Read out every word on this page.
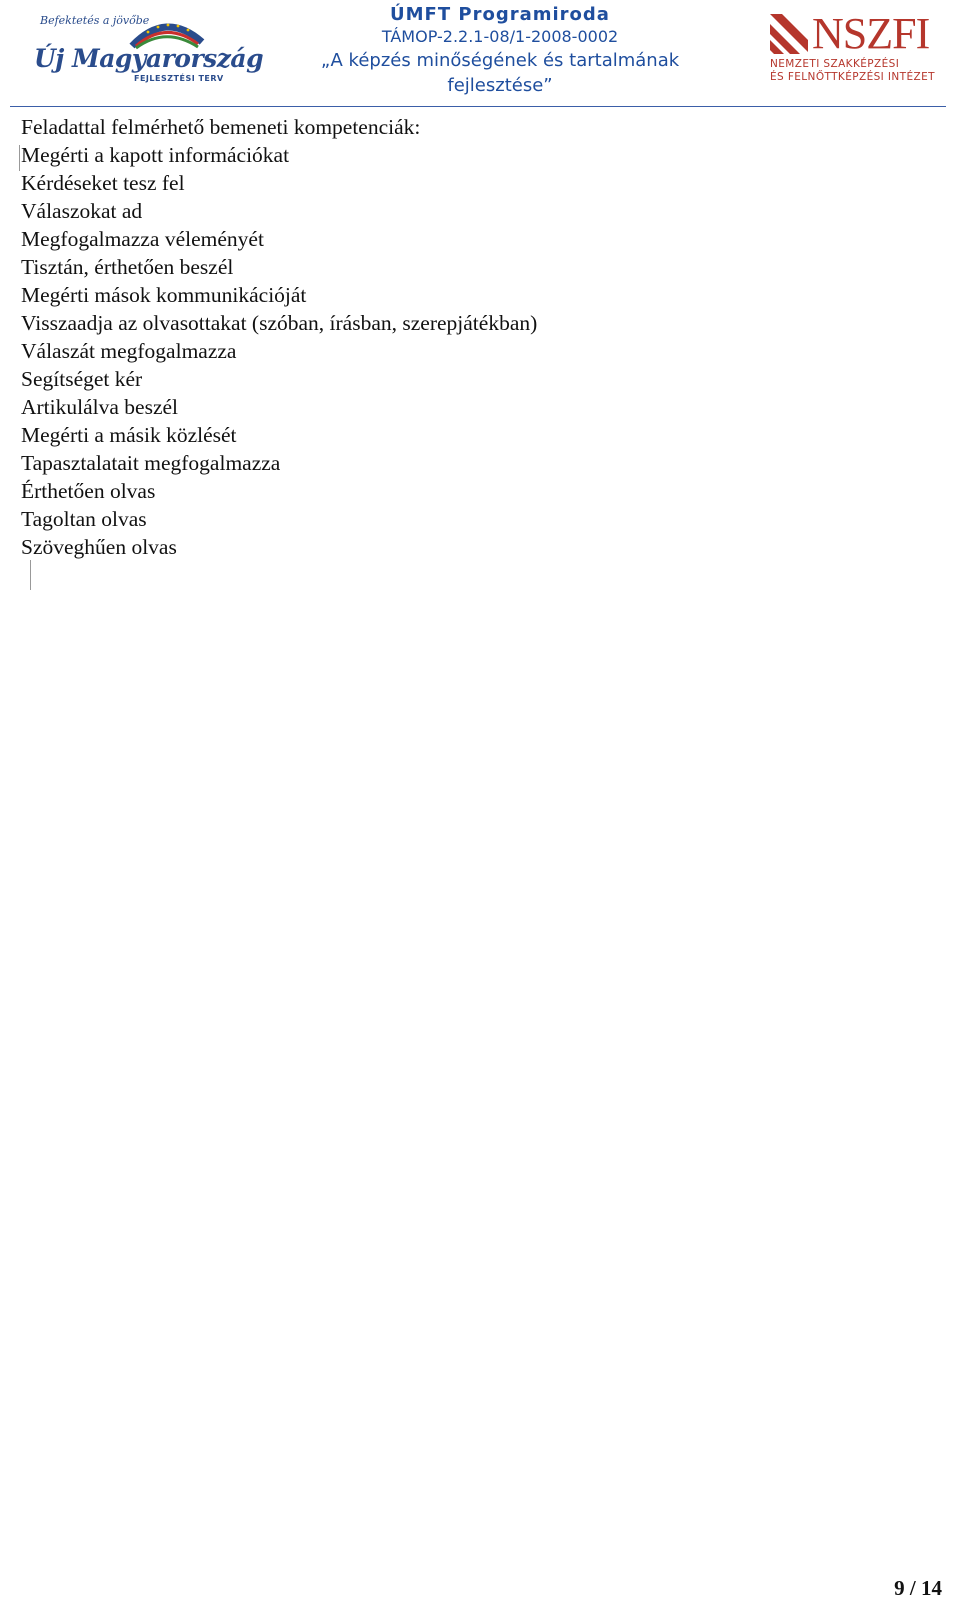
Befektetés a jövőbe
Új Magyarország
FEJLESZTÉSI TERV
ÚMFT Programiroda
TÁMOP-2.2.1-08/1-2008-0002
„A képzés minőségének és tartalmának
fejlesztése”
NSZFI
NEMZETI SZAKKÉPZÉSI
ÉS FELNŐTTKÉPZÉSI INTÉZET
Feladattal felmérhető bemeneti kompetenciák:
Megérti a kapott információkat
Kérdéseket tesz fel
Válaszokat ad
Megfogalmazza véleményét
Tisztán, érthetően beszél
Megérti mások kommunikációját
Visszaadja az olvasottakat (szóban, írásban, szerepjátékban)
Válaszát megfogalmazza
Segítséget kér
Artikulálva beszél
Megérti a másik közlését
Tapasztalatait megfogalmazza
Érthetően olvas
Tagoltan olvas
Szöveghűen olvas
9 / 14
